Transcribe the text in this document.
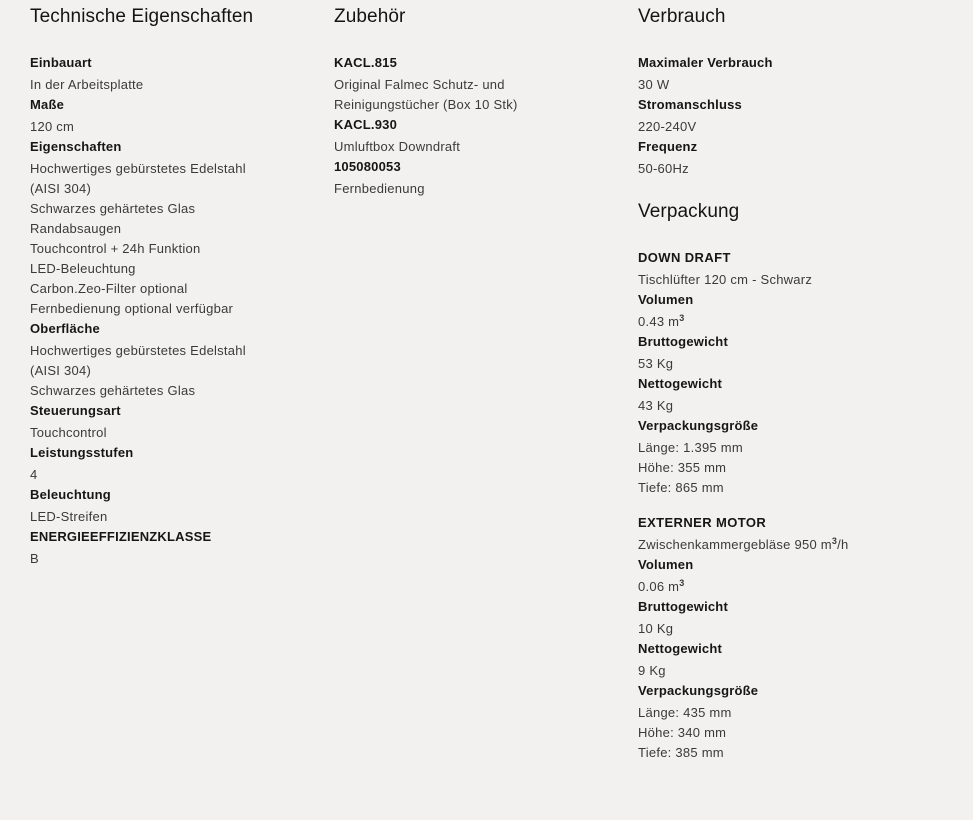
Technische Eigenschaften
Einbauart
In der Arbeitsplatte
Maße
120 cm
Eigenschaften
Hochwertiges gebürstetes Edelstahl
(AISI 304)
Schwarzes gehärtetes Glas
Randabsaugen
Touchcontrol + 24h Funktion
LED-Beleuchtung
Carbon.Zeo-Filter optional
Fernbedienung optional verfügbar
Oberfläche
Hochwertiges gebürstetes Edelstahl
(AISI 304)
Schwarzes gehärtetes Glas
Steuerungsart
Touchcontrol
Leistungsstufen
4
Beleuchtung
LED-Streifen
ENERGIEEFFIZIENZKLASSE
B
Zubehör
KACL.815
Original Falmec Schutz- und
Reinigungstücher (Box 10 Stk)
KACL.930
Umluftbox Downdraft
105080053
Fernbedienung
Verbrauch
Maximaler Verbrauch
30 W
Stromanschluss
220-240V
Frequenz
50-60Hz
Verpackung
DOWN DRAFT
Tischlüfter 120 cm - Schwarz
Volumen
0.43 $m^3$
Bruttogewicht
53 Kg
Nettogewicht
43 Kg
Verpackungsgröße
Länge: 1.395 mm
Höhe: 355 mm
Tiefe: 865 mm
EXTERNER MOTOR
Zwischenkammergebläse 950 $m^3/h$
Volumen
0.06 $m^3$
Bruttogewicht
10 Kg
Nettogewicht
9 Kg
Verpackungsgröße
Länge: 435 mm
Höhe: 340 mm
Tiefe: 385 mm
